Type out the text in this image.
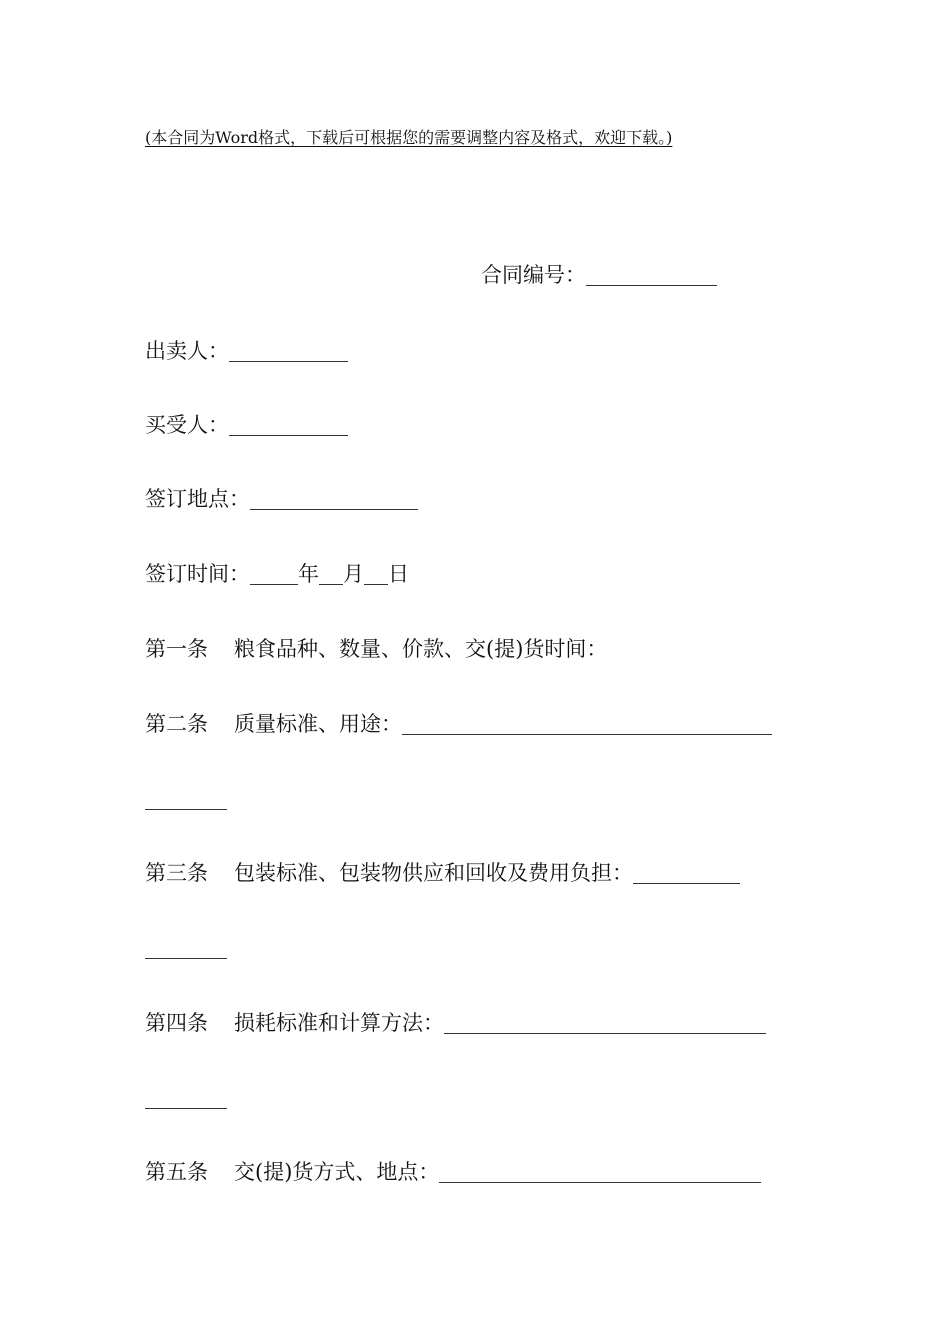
(本合同为Word格式，下载后可根据您的需要调整内容及格式，欢迎下载。)
合同编号：
出卖人：
买受人：
签订地点：
签订时间： 年 月 日
第一条 粮食品种、数量、价款、交(提)货时间：
第二条 质量标准、用途：
第三条 包装标准、包装物供应和回收及费用负担：
第四条 损耗标准和计算方法：
第五条 交(提)货方式、地点：
